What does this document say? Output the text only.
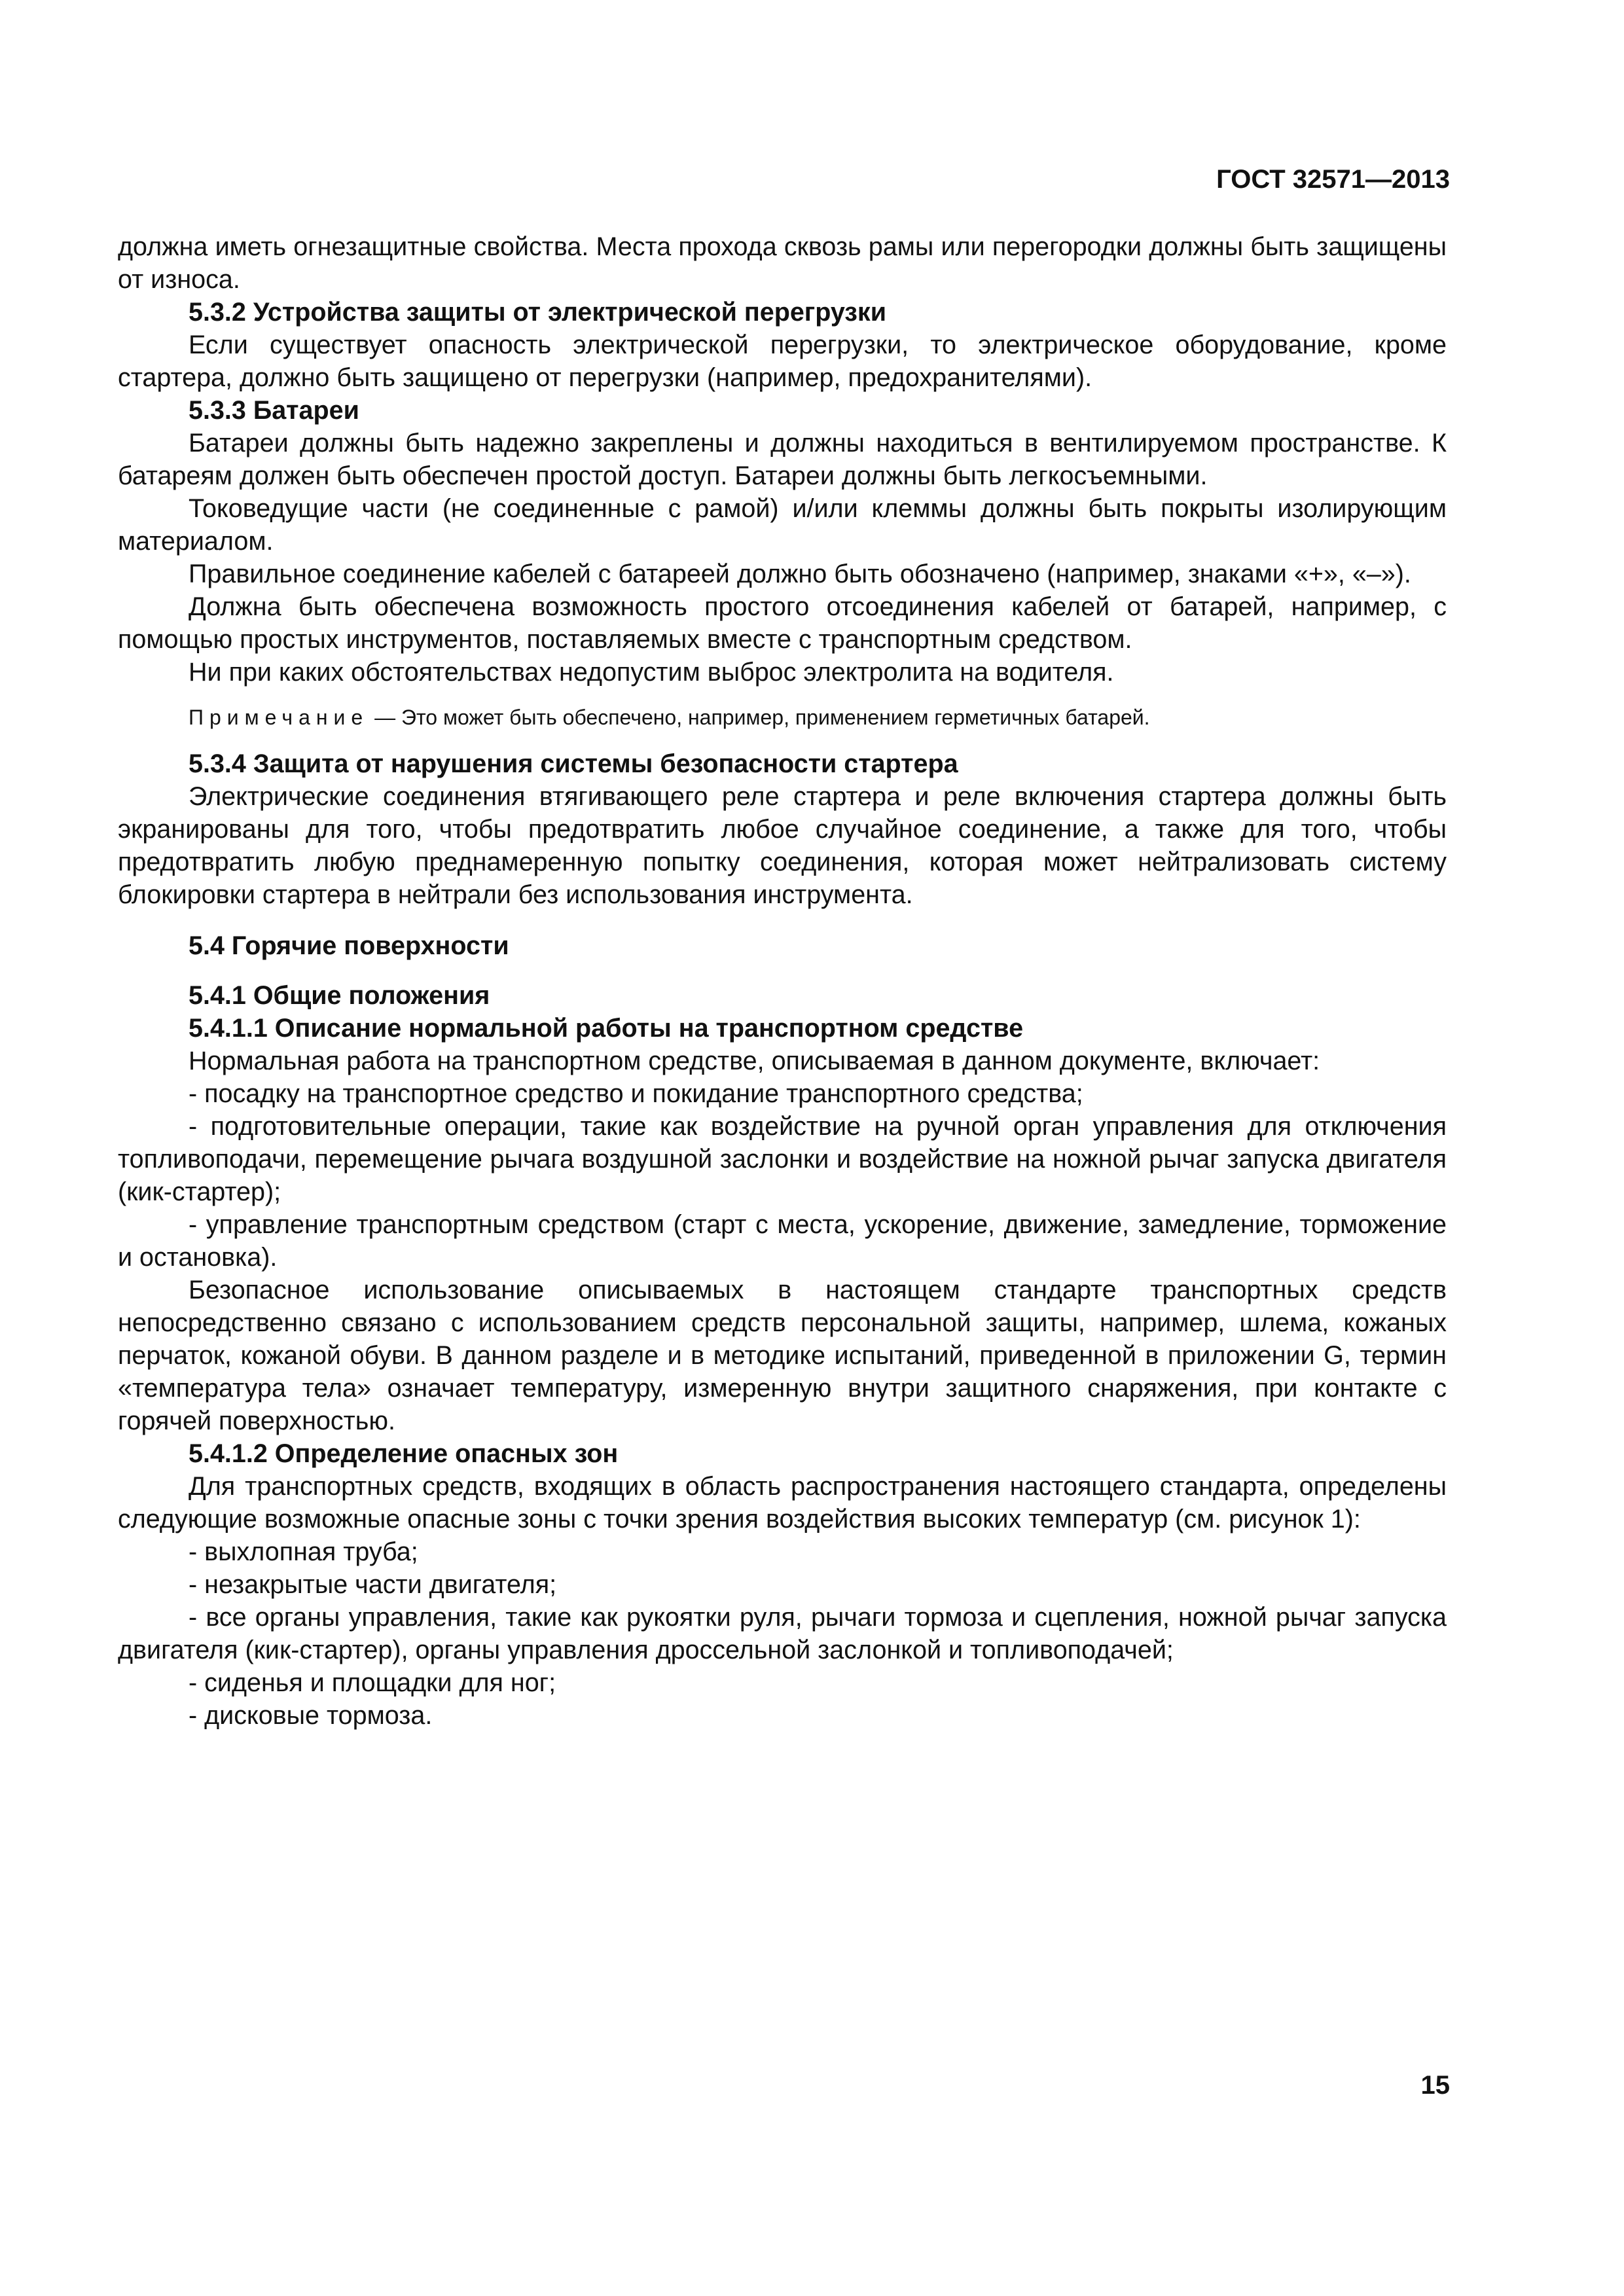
ГОСТ 32571—2013

должна иметь огнезащитные свойства. Места прохода сквозь рамы или перегородки должны быть защищены от износа.

5.3.2 Устройства защиты от электрической перегрузки

Если существует опасность электрической перегрузки, то электрическое оборудование, кроме стартера, должно быть защищено от перегрузки (например, предохранителями).

5.3.3 Батареи

Батареи должны быть надежно закреплены и должны находиться в вентилируемом пространстве. К батареям должен быть обеспечен простой доступ. Батареи должны быть легкосъемными.

Токоведущие части (не соединенные с рамой) и/или клеммы должны быть покрыты изолирующим материалом.

Правильное соединение кабелей с батареей должно быть обозначено (например, знаками «+», «–»).

Должна быть обеспечена возможность простого отсоединения кабелей от батарей, например, с помощью простых инструментов, поставляемых вместе с транспортным средством.

Ни при каких обстоятельствах недопустим выброс электролита на водителя.

Примечание — Это может быть обеспечено, например, применением герметичных батарей.

5.3.4 Защита от нарушения системы безопасности стартера

Электрические соединения втягивающего реле стартера и реле включения стартера должны быть экранированы для того, чтобы предотвратить любое случайное соединение, а также для того, чтобы предотвратить любую преднамеренную попытку соединения, которая может нейтрализовать систему блокировки стартера в нейтрали без использования инструмента.

5.4 Горячие поверхности

5.4.1 Общие положения

5.4.1.1 Описание нормальной работы на транспортном средстве

Нормальная работа на транспортном средстве, описываемая в данном документе, включает:

- посадку на транспортное средство и покидание транспортного средства;

- подготовительные операции, такие как воздействие на ручной орган управления для отключения топливоподачи, перемещение рычага воздушной заслонки и воздействие на ножной рычаг запуска двигателя (кик-стартер);

- управление транспортным средством (старт с места, ускорение, движение, замедление, торможение и остановка).

Безопасное использование описываемых в настоящем стандарте транспортных средств непосредственно связано с использованием средств персональной защиты, например, шлема, кожаных перчаток, кожаной обуви. В данном разделе и в методике испытаний, приведенной в приложении G, термин «температура тела» означает температуру, измеренную внутри защитного снаряжения, при контакте с горячей поверхностью.

5.4.1.2 Определение опасных зон

Для транспортных средств, входящих в область распространения настоящего стандарта, определены следующие возможные опасные зоны с точки зрения воздействия высоких температур (см. рисунок 1):

- выхлопная труба;

- незакрытые части двигателя;

- все органы управления, такие как рукоятки руля, рычаги тормоза и сцепления, ножной рычаг запуска двигателя (кик-стартер), органы управления дроссельной заслонкой и топливоподачей;

- сиденья и площадки для ног;

- дисковые тормоза.

15
